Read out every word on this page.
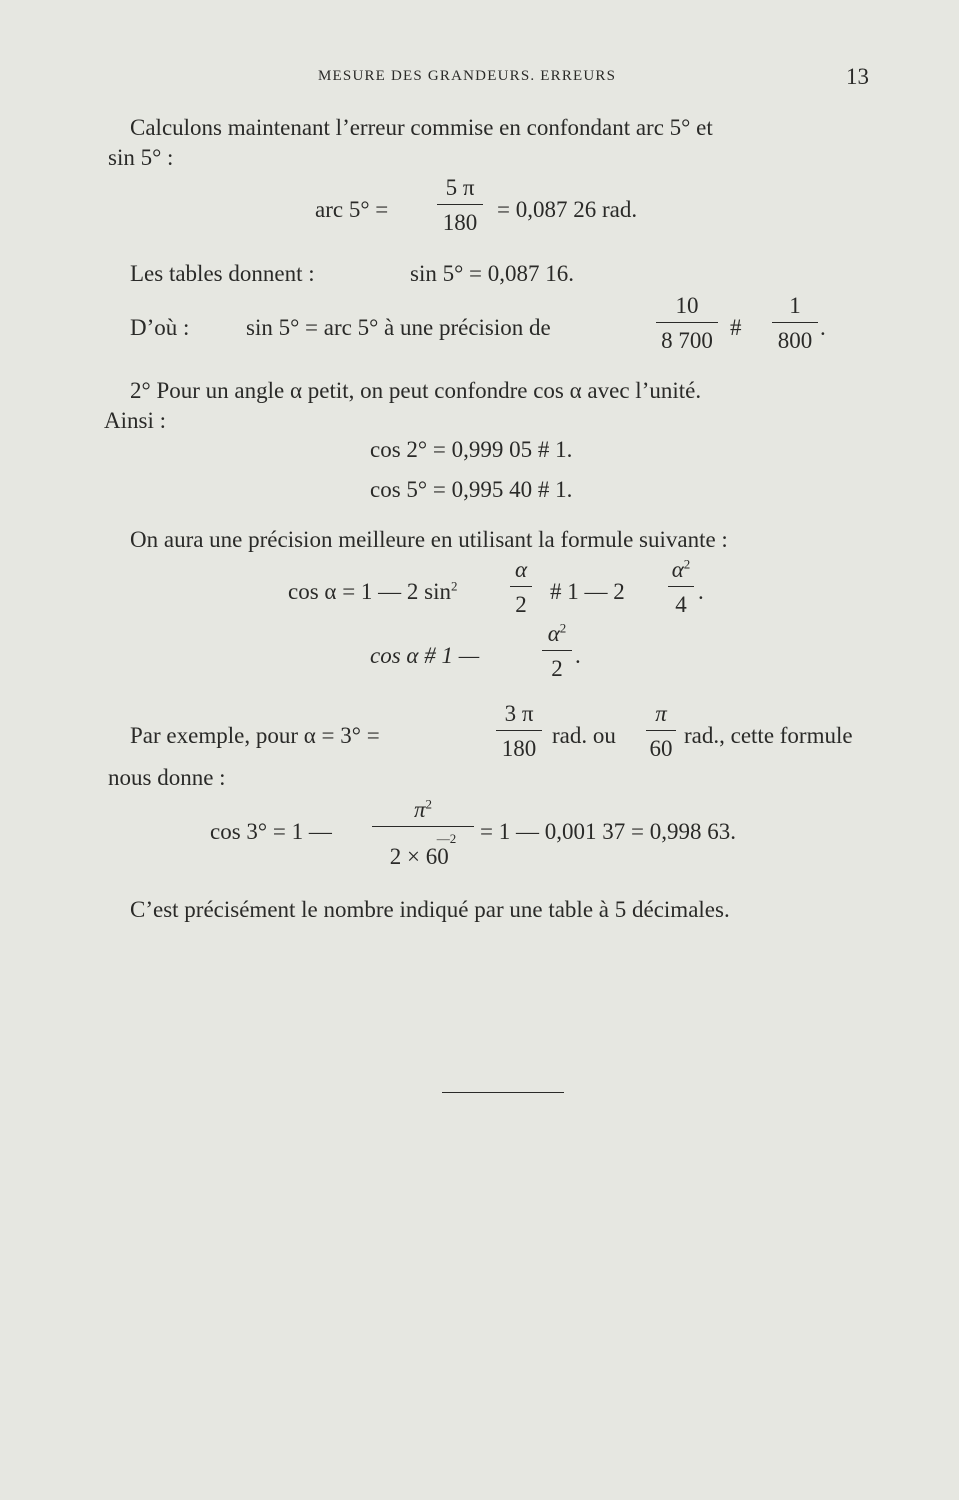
MESURE DES GRANDEURS. ERREURS	13
Calculons maintenant l’erreur commise en confondant arc 5° et
sin 5° :
arc 5° =
5 π
180
= 0,087 26 rad.
Les tables donnent :	sin 5° = 0,087 16.
D’où : sin 5° = arc 5° à une précision de
10
8 700
#
1
800
.
2° Pour un angle α petit, on peut confondre cos α avec l’unité.
Ainsi :
cos 2° = 0,999 05 # 1.
cos 5° = 0,995 40 # 1.
On aura une précision meilleure en utilisant la formule suivante :
cos α = 1 — 2 $\sin^2$
α
2
# 1 — 2
$\alpha^2$
4
.
cos α # 1 —
$\alpha^2$
2
.
Par exemple, pour α = 3° =
3 π
180
rad. ou
π
60
rad., cette formule
nous donne :
cos 3° = 1 —
$\pi^2$
$2 \times 60^{—2}$	= 1 — 0,001 37 = 0,998 63.
C’est précisément le nombre indiqué par une table à 5 décimales.
